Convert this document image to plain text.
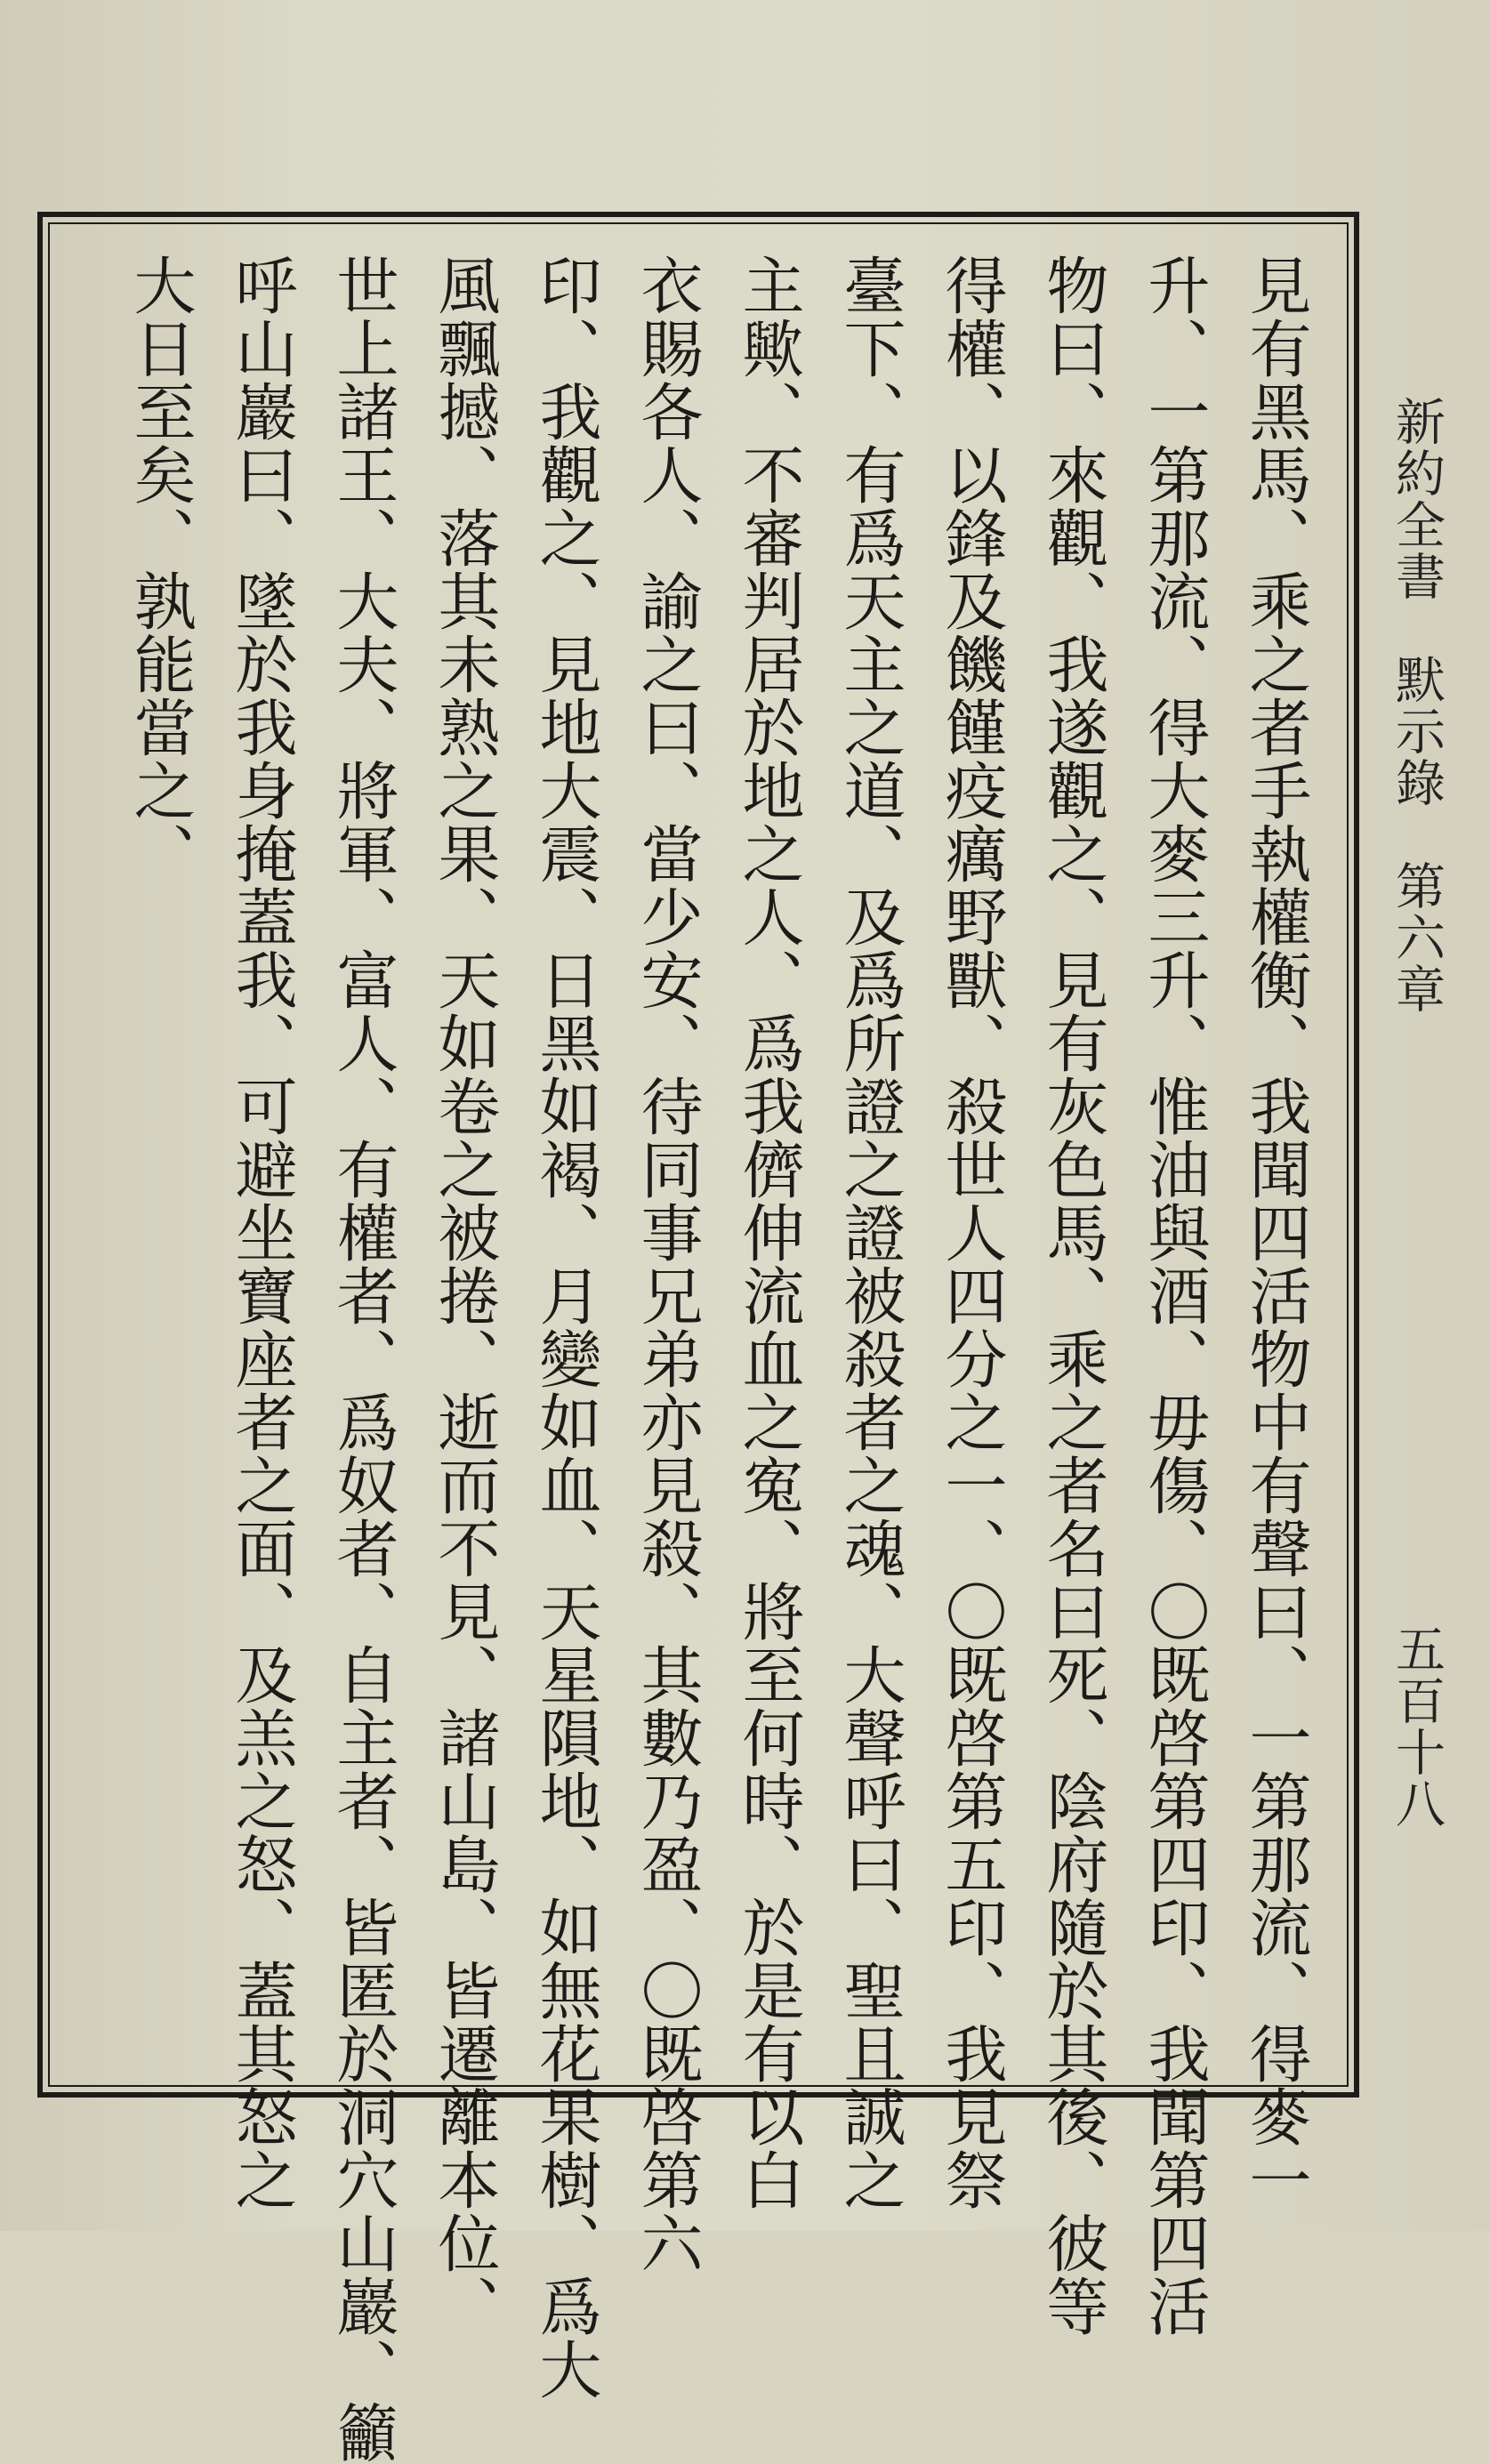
新約全書　默示錄　第六章
五百十八
見有黑馬、乘之者手執權衡、我聞四活物中有聲曰、一第那流、得麥一
升、一第那流、得大麥三升、惟油與酒、毋傷、〇既啓第四印、我聞第四活
物曰、來觀、我遂觀之、見有灰色馬、乘之者名曰死、陰府隨於其後、彼等
得權、以鋒及饑饉疫癘野獸、殺世人四分之一、〇既啓第五印、我見祭
臺下、有爲天主之道、及爲所證之證被殺者之魂、大聲呼曰、聖且誠之
主歟、不審判居於地之人、爲我儕伸流血之寃、將至何時、於是有以白
衣賜各人、諭之曰、當少安、待同事兄弟亦見殺、其數乃盈、〇既啓第六
印、我觀之、見地大震、日黑如褐、月變如血、天星隕地、如無花果樹、爲大
風飄撼、落其未熟之果、天如卷之被捲、逝而不見、諸山島、皆遷離本位、
世上諸王、大夫、將軍、富人、有權者、爲奴者、自主者、皆匿於洞穴山巖、籲
呼山巖曰、墜於我身掩蓋我、可避坐寶座者之面、及羔之怒、蓋其怒之
大日至矣、孰能當之、
